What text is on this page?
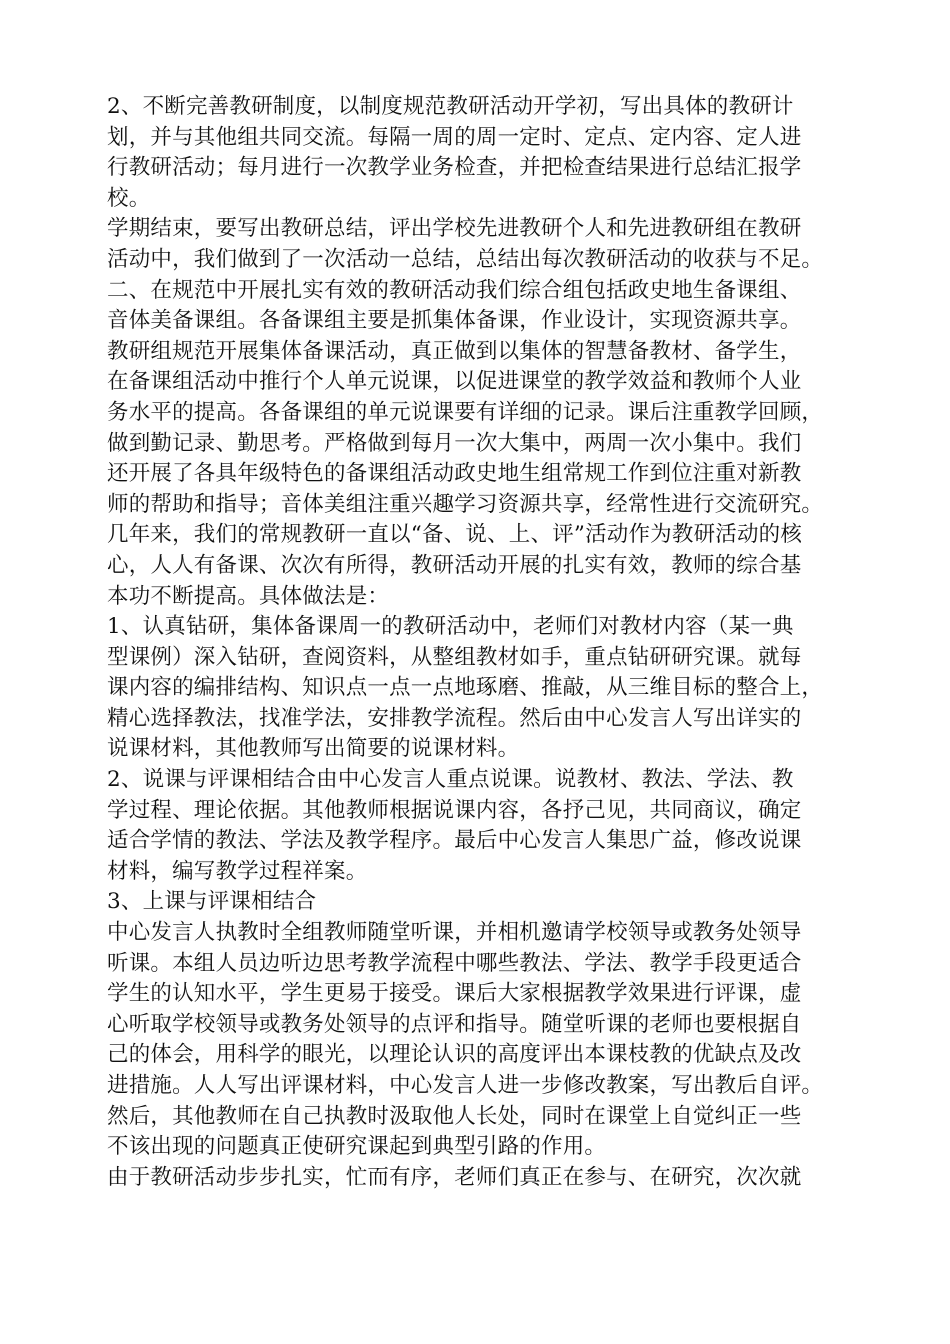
2、不断完善教研制度，以制度规范教研活动开学初，写出具体的教研计
划，并与其他组共同交流。每隔一周的周一定时、定点、定内容、定人进
行教研活动；每月进行一次教学业务检查，并把检查结果进行总结汇报学
校。
学期结束，要写出教研总结，评出学校先进教研个人和先进教研组在教研
活动中，我们做到了一次活动一总结，总结出每次教研活动的收获与不足。
二、在规范中开展扎实有效的教研活动我们综合组包括政史地生备课组、
音体美备课组。各备课组主要是抓集体备课，作业设计，实现资源共享。
教研组规范开展集体备课活动，真正做到以集体的智慧备教材、备学生，
在备课组活动中推行个人单元说课，以促进课堂的教学效益和教师个人业
务水平的提高。各备课组的单元说课要有详细的记录。课后注重教学回顾，
做到勤记录、勤思考。严格做到每月一次大集中，两周一次小集中。我们
还开展了各具年级特色的备课组活动政史地生组常规工作到位注重对新教
师的帮助和指导；音体美组注重兴趣学习资源共享，经常性进行交流研究。
几年来，我们的常规教研一直以“备、说、上、评”活动作为教研活动的核
心，人人有备课、次次有所得，教研活动开展的扎实有效，教师的综合基
本功不断提高。具体做法是：
1、认真钻研，集体备课周一的教研活动中，老师们对教材内容（某一典
型课例）深入钻研，查阅资料，从整组教材如手，重点钻研研究课。就每
课内容的编排结构、知识点一点一点地琢磨、推敲，从三维目标的整合上，
精心选择教法，找准学法，安排教学流程。然后由中心发言人写出详实的
说课材料，其他教师写出简要的说课材料。
2、说课与评课相结合由中心发言人重点说课。说教材、教法、学法、教
学过程、理论依据。其他教师根据说课内容，各抒己见，共同商议，确定
适合学情的教法、学法及教学程序。最后中心发言人集思广益，修改说课
材料，编写教学过程祥案。
3、上课与评课相结合
中心发言人执教时全组教师随堂听课，并相机邀请学校领导或教务处领导
听课。本组人员边听边思考教学流程中哪些教法、学法、教学手段更适合
学生的认知水平，学生更易于接受。课后大家根据教学效果进行评课，虚
心听取学校领导或教务处领导的点评和指导。随堂听课的老师也要根据自
己的体会，用科学的眼光，以理论认识的高度评出本课枝教的优缺点及改
进措施。人人写出评课材料，中心发言人进一步修改教案，写出教后自评。
然后，其他教师在自己执教时汲取他人长处，同时在课堂上自觉纠正一些
不该出现的问题真正使研究课起到典型引路的作用。
由于教研活动步步扎实，忙而有序，老师们真正在参与、在研究，次次就
